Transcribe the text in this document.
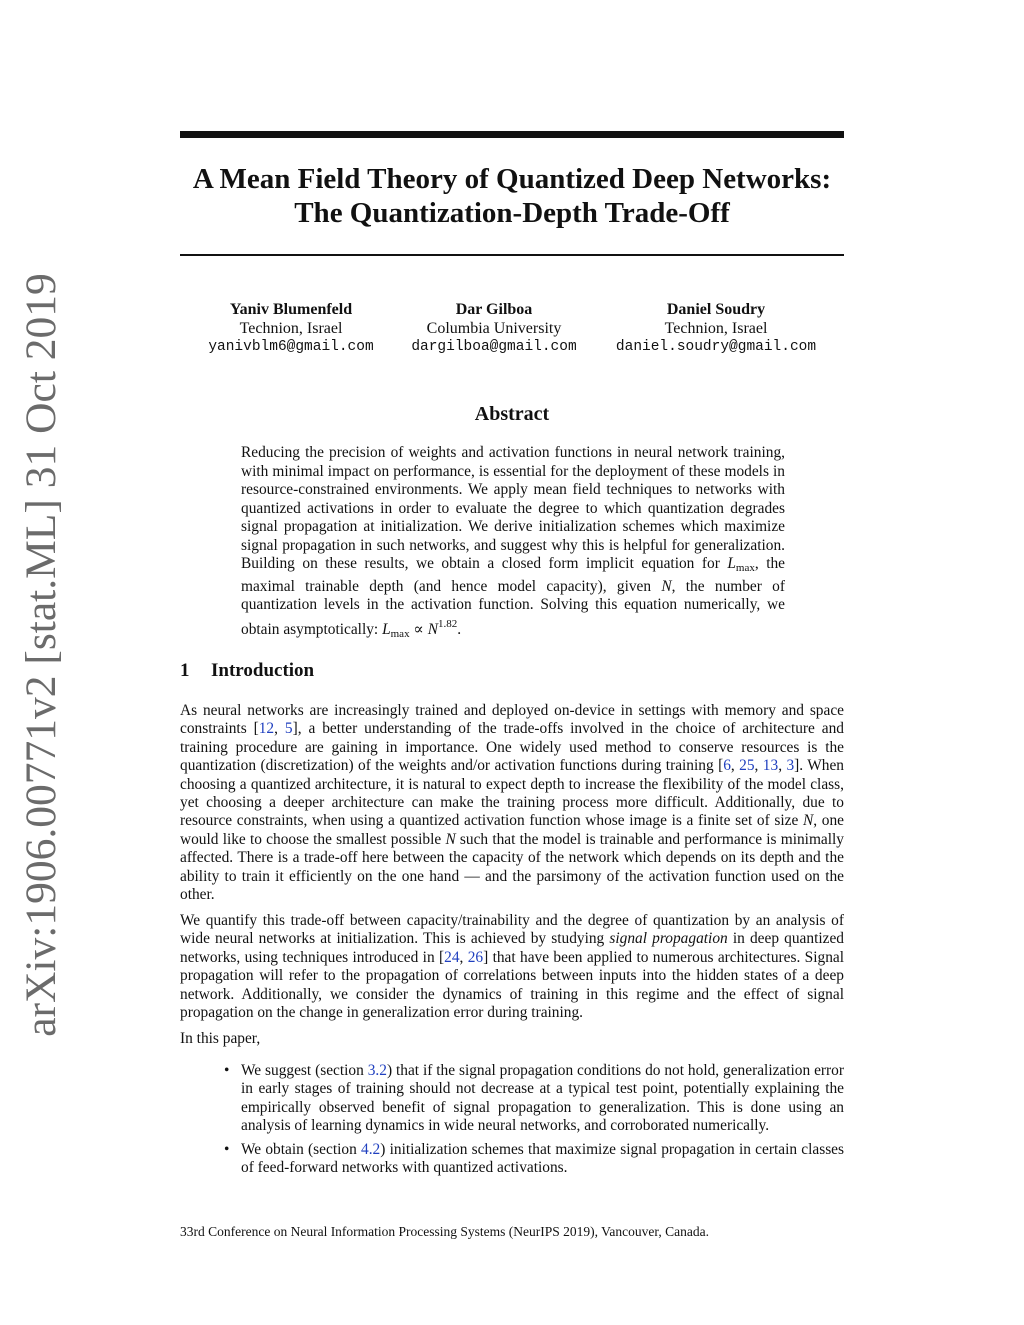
arXiv:1906.00771v2 [stat.ML] 31 Oct 2019
A Mean Field Theory of Quantized Deep Networks:
The Quantization-Depth Trade-Off
Yaniv Blumenfeld
Technion, Israel
yanivblm6@gmail.com
Dar Gilboa
Columbia University
dargilboa@gmail.com
Daniel Soudry
Technion, Israel
daniel.soudry@gmail.com
Abstract

Reducing the precision of weights and activation functions in neural network training, with minimal impact on performance, is essential for the deployment of these models in resource-constrained environments. We apply mean field techniques to networks with quantized activations in order to evaluate the degree to which quantization degrades signal propagation at initialization. We derive initialization schemes which maximize signal propagation in such networks, and suggest why this is helpful for generalization. Building on these results, we obtain a closed form implicit equation for $L_{max}$, the maximal trainable depth (and hence model capacity), given N, the number of quantization levels in the activation function. Solving this equation numerically, we obtain asymptotically: $L_{max} \propto N^{1.82}$.

1 Introduction

As neural networks are increasingly trained and deployed on-device in settings with memory and space constraints [12, 5], a better understanding of the trade-offs involved in the choice of architecture and training procedure are gaining in importance. One widely used method to conserve resources is the quantization (discretization) of the weights and/or activation functions during training [6, 25, 13, 3]. When choosing a quantized architecture, it is natural to expect depth to increase the flexibility of the model class, yet choosing a deeper architecture can make the training process more difficult. Additionally, due to resource constraints, when using a quantized activation function whose image is a finite set of size N, one would like to choose the smallest possible N such that the model is trainable and performance is minimally affected. There is a trade-off here between the capacity of the network which depends on its depth and the ability to train it efficiently on the one hand — and the parsimony of the activation function used on the other.

We quantify this trade-off between capacity/trainability and the degree of quantization by an analysis of wide neural networks at initialization. This is achieved by studying signal propagation in deep quantized networks, using techniques introduced in [24, 26] that have been applied to numerous architectures. Signal propagation will refer to the propagation of correlations between inputs into the hidden states of a deep network. Additionally, we consider the dynamics of training in this regime and the effect of signal propagation on the change in generalization error during training.

In this paper,

• We suggest (section 3.2) that if the signal propagation conditions do not hold, generalization error in early stages of training should not decrease at a typical test point, potentially explaining the empirically observed benefit of signal propagation to generalization. This is done using an analysis of learning dynamics in wide neural networks, and corroborated numerically.
• We obtain (section 4.2) initialization schemes that maximize signal propagation in certain classes of feed-forward networks with quantized activations.
33rd Conference on Neural Information Processing Systems (NeurIPS 2019), Vancouver, Canada.
